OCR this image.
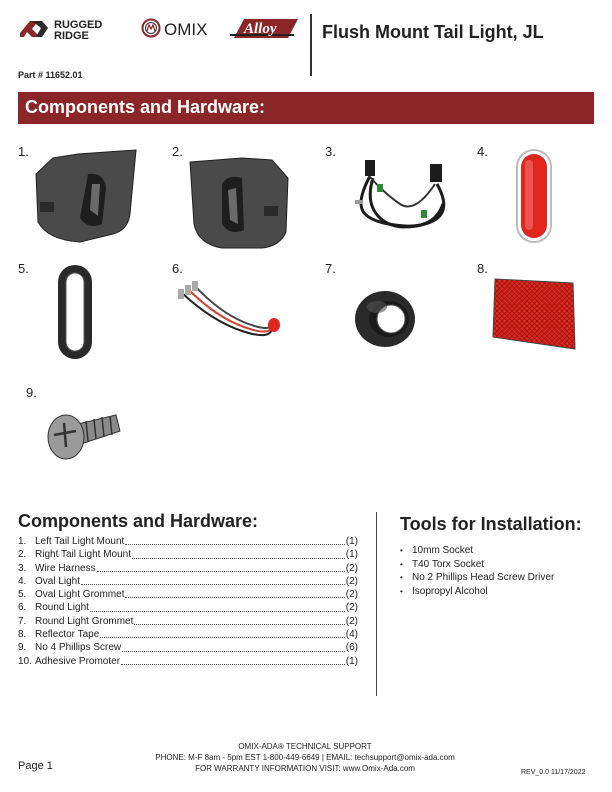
RUGGED
RIDGE	OMIX Alloy	Flush Mount Tail Light, JL
Part # 11652.01
Components and Hardware:
1.	2.	3.	4.
5.	6.	7.	8.
9.
Components and Hardware:
1. Left Tail Light Mount	(1)
2. Right Tail Light Mount	(1)
3. Wire Harness	(2)
4. Oval Light	(2)
5. Oval Light Grommet	(2)
6. Round Light	(2)
7. Round Light Grommet	(2)
8. Reflector Tape	(4)
9. No 4 Phillips Screw	(6)
10. Adhesive Promoter	(1)
Tools for Installation:
• 10mm Socket
• T40 Torx Socket
• No 2 Phillips Head Screw Driver
• Isopropyl Alcohol
Page 1
OMIX-ADA® TECHNICAL SUPPORT
PHONE: M-F 8am - 5pm EST 1-800-449-6649 | EMAIL: techsupport@omix-ada.com
FOR WARRANTY INFORMATION VISIT: www.Omix-Ada.com	REV_0.0 11/17/2022
